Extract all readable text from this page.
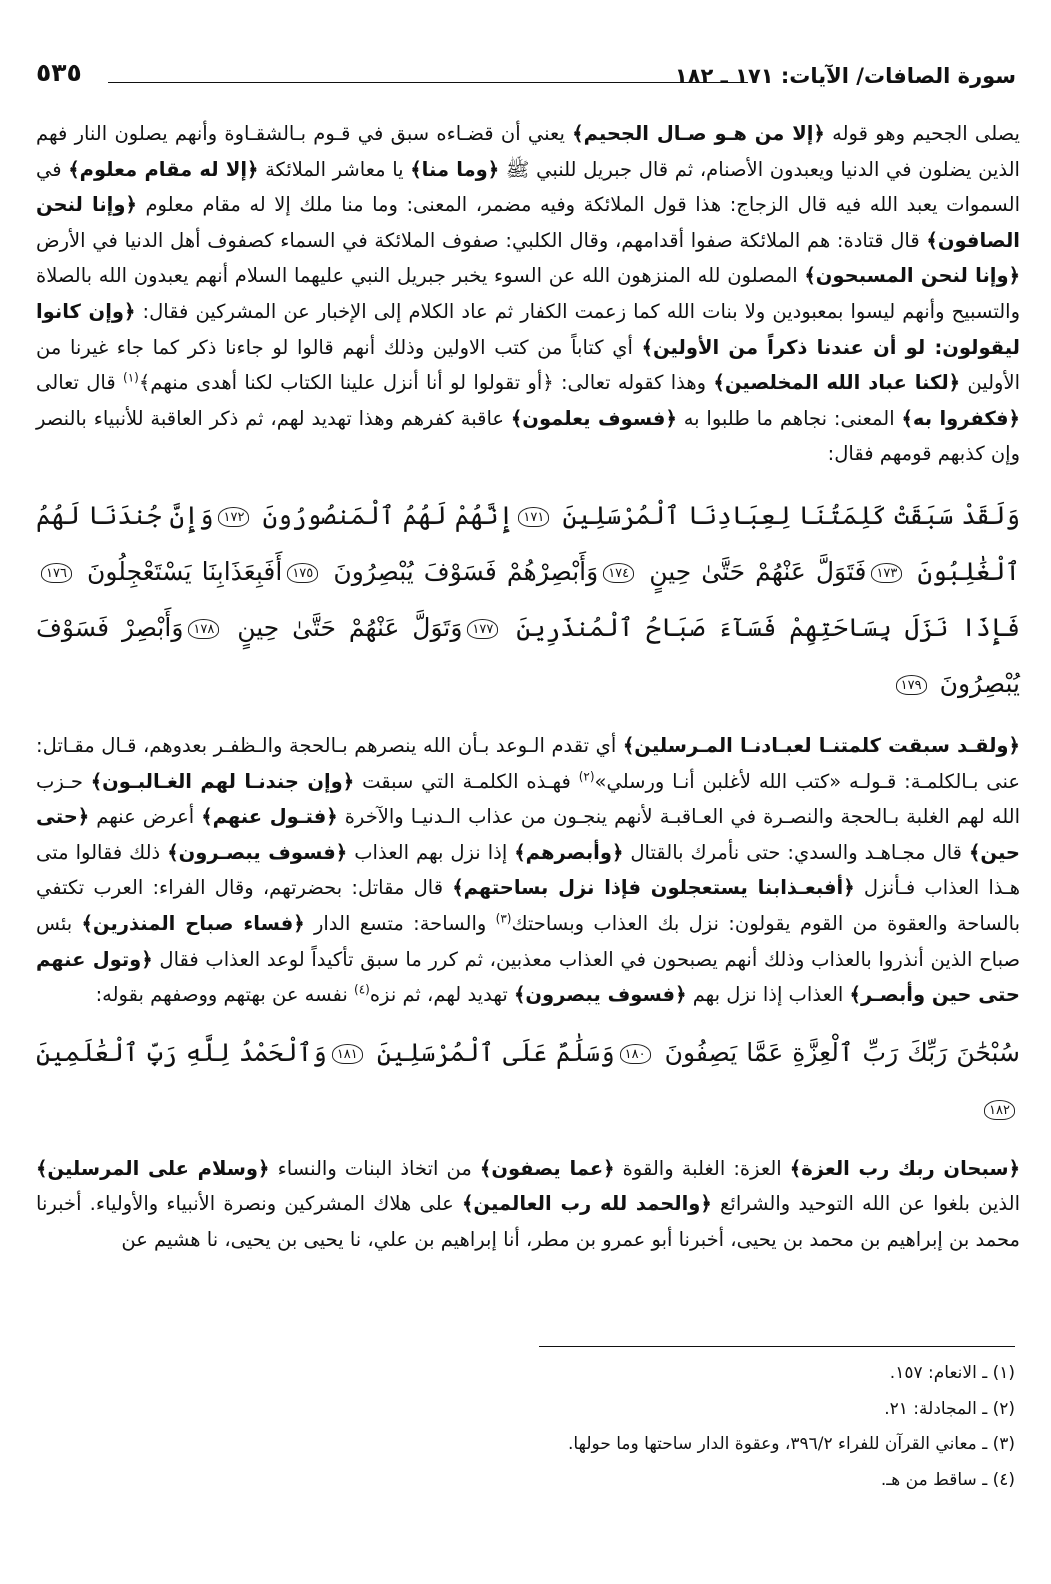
سورة الصافات/ الآيات: ١٧١ ـ ١٨٢
٥٣٥

يصلى الجحيم وهو قوله ﴿إلا من هـو صـال الجحيم﴾ يعني أن قضـاءه سبق في قـوم بـالشقـاوة وأنهم يصلون النار فهم الذين يضلون في الدنيا ويعبدون الأصنام، ثم قال جبريل للنبي ﷺ ﴿وما منا﴾ يا معاشر الملائكة ﴿إلا له مقام معلوم﴾ في السموات يعبد الله فيه قال الزجاج: هذا قول الملائكة وفيه مضمر، المعنى: وما منا ملك إلا له مقام معلوم ﴿وإنا لنحن الصافون﴾ قال قتادة: هم الملائكة صفوا أقدامهم، وقال الكلبي: صفوف الملائكة في السماء كصفوف أهل الدنيا في الأرض ﴿وإنا لنحن المسبحون﴾ المصلون لله المنزهون الله عن السوء يخبر جبريل النبي عليهما السلام أنهم يعبدون الله بالصلاة والتسبيح وأنهم ليسوا بمعبودين ولا بنات الله كما زعمت الكفار ثم عاد الكلام إلى الإخبار عن المشركين فقال: ﴿وإن كانوا ليقولون: لو أن عندنا ذكراً من الأولين﴾ أي كتاباً من كتب الاولين وذلك أنهم قالوا لو جاءنا ذكر كما جاء غيرنا من الأولين ﴿لكنا عباد الله المخلصين﴾ وهذا كقوله تعالى: ﴿أو تقولوا لو أنا أنزل علينا الكتاب لكنا أهدى منهم﴾$^{(١)}$ قال تعالى ﴿فكفروا به﴾ المعنى: نجاهم ما طلبوا به ﴿فسوف يعلمون﴾ عاقبة كفرهم وهذا تهديد لهم، ثم ذكر العاقبة للأنبياء بالنصر وإن كذبهم قومهم فقال:

وَلَقَدْ سَبَقَتْ كَلِمَتُنَا لِعِبَادِنَا ٱلْمُرْسَلِينَ ١٧١إِنَّهُمْ لَهُمُ ٱلْمَنصُورُونَ ١٧٢وَإِنَّ جُندَنَا لَهُمُ ٱلْغَٰلِبُونَ ١٧٣فَتَوَلَّ عَنْهُمْ حَتَّىٰ حِينٍ ١٧٤وَأَبْصِرْهُمْ فَسَوْفَ يُبْصِرُونَ ١٧٥أَفَبِعَذَابِنَا يَسْتَعْجِلُونَ ١٧٦فَإِذَا نَزَلَ بِسَاحَتِهِمْ فَسَآءَ صَبَاحُ ٱلْمُنذَرِينَ ١٧٧وَتَوَلَّ عَنْهُمْ حَتَّىٰ حِينٍ ١٧٨وَأَبْصِرْ فَسَوْفَ يُبْصِرُونَ ١٧٩

﴿ولقـد سبقت كلمتنـا لعبـادنـا المـرسلين﴾ أي تقدم الـوعد بـأن الله ينصرهم بـالحجة والـظفـر بعدوهم، قـال مقـاتل: عنى بـالكلمـة: قـولـه «كتب الله لأغلبن أنـا ورسلي»$^{(٢)}$ فهـذه الكلمـة التي سبقت ﴿وإن جندنـا لهم الغـالبـون﴾ حـزب الله لهم الغلبة بـالحجة والنصـرة في العـاقبـة لأنهم ينجـون من عذاب الـدنيـا والآخرة ﴿فتـول عنهم﴾ أعرض عنهم ﴿حتى حين﴾ قال مجـاهـد والسدي: حتى نأمرك بالقتال ﴿وأبصرهم﴾ إذا نزل بهم العذاب ﴿فسوف يبصـرون﴾ ذلك فقالوا متى هـذا العذاب فـأنزل ﴿أفبعـذابنا يستعجلون فإذا نزل بساحتهم﴾ قال مقاتل: بحضرتهم، وقال الفراء: العرب تكتفي بالساحة والعقوة من القوم يقولون: نزل بك العذاب وبساحتك$^{(٣)}$ والساحة: متسع الدار ﴿فساء صباح المنذرين﴾ بئس صباح الذين أنذروا بالعذاب وذلك أنهم يصبحون في العذاب معذبين، ثم كرر ما سبق تأكيداً لوعد العذاب فقال ﴿وتول عنهم حتى حين وأبصـر﴾ العذاب إذا نزل بهم ﴿فسوف يبصرون﴾ تهديد لهم، ثم نزه$^{(٤)}$ نفسه عن بهتهم ووصفهم بقوله:

سُبْحَٰنَ رَبِّكَ رَبِّ ٱلْعِزَّةِ عَمَّا يَصِفُونَ ١٨٠وَسَلَٰمٌ عَلَى ٱلْمُرْسَلِينَ ١٨١وَٱلْحَمْدُ لِلَّهِ رَبِّ ٱلْعَٰلَمِينَ ١٨٢

﴿سبحان ربك رب العزة﴾ العزة: الغلبة والقوة ﴿عما يصفون﴾ من اتخاذ البنات والنساء ﴿وسلام على المرسلين﴾ الذين بلغوا عن الله التوحيد والشرائع ﴿والحمد لله رب العالمين﴾ على هلاك المشركين ونصرة الأنبياء والأولياء. أخبرنا محمد بن إبراهيم بن محمد بن يحيى، أخبرنا أبو عمرو بن مطر، أنا إبراهيم بن علي، نا يحيى بن يحيى، نا هشيم عن

(١) ـ الانعام: ١٥٧.
(٢) ـ المجادلة: ٢١.
(٣) ـ معاني القرآن للفراء ٣٩٦/٢، وعقوة الدار ساحتها وما حولها.
(٤) ـ ساقط من هـ.
